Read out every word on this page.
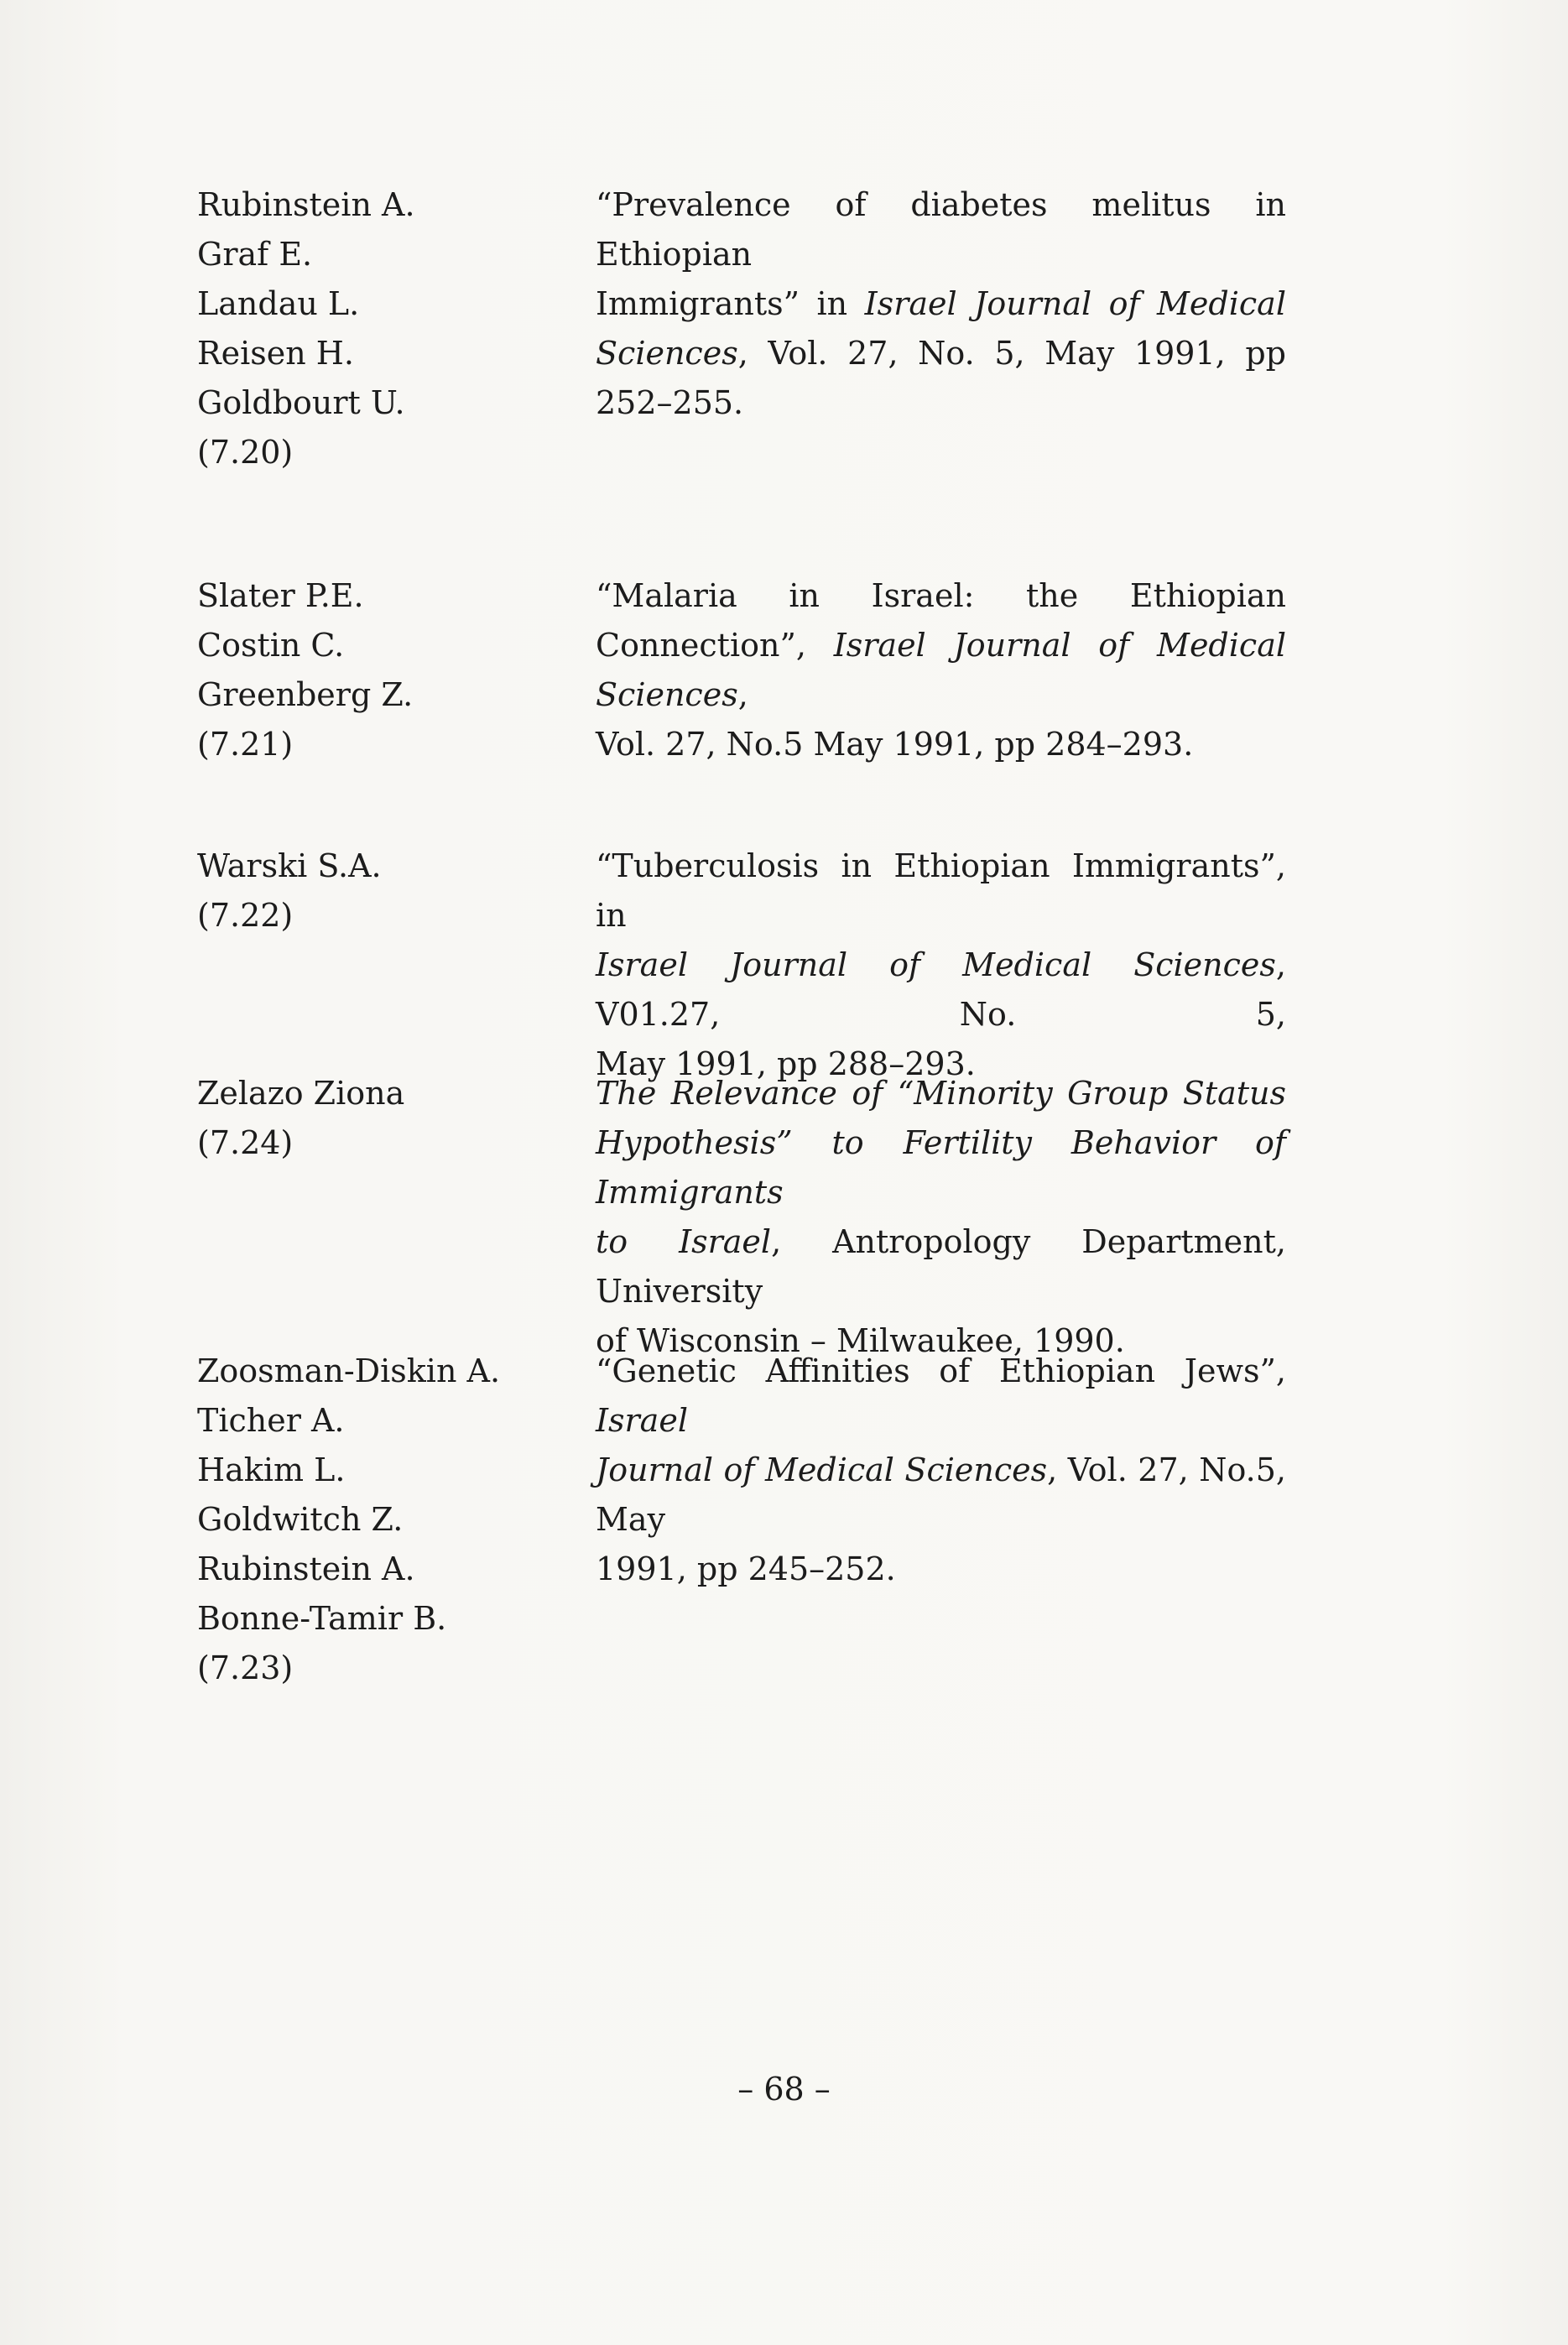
Rubinstein A.
Graf E.
Landau L.
Reisen H.
Goldbourt U.
(7.20)
“Prevalence of diabetes melitus in Ethiopian
Immigrants” in Israel Journal of Medical
Sciences, Vol. 27, No. 5, May 1991, pp 252–255.
Slater P.E.
Costin C.
Greenberg Z.
(7.21)
“Malaria in Israel: the Ethiopian
Connection”, Israel Journal of Medical Sciences,
Vol. 27, No.5 May 1991, pp 284–293.
Warski S.A.
(7.22)
“Tuberculosis in Ethiopian Immigrants”, in
Israel Journal of Medical Sciences, V01.27, No. 5,
May 1991, pp 288–293.
Zelazo Ziona
(7.24)
The Relevance of “Minority Group Status
Hypothesis” to Fertility Behavior of Immigrants
to Israel, Antropology Department, University
of Wisconsin – Milwaukee, 1990.
Zoosman-Diskin A.
Ticher A.
Hakim L.
Goldwitch Z.
Rubinstein A.
Bonne-Tamir B.
(7.23)
“Genetic Affinities of Ethiopian Jews”, Israel
Journal of Medical Sciences, Vol. 27, No.5, May
1991, pp 245–252.
– 68 –
